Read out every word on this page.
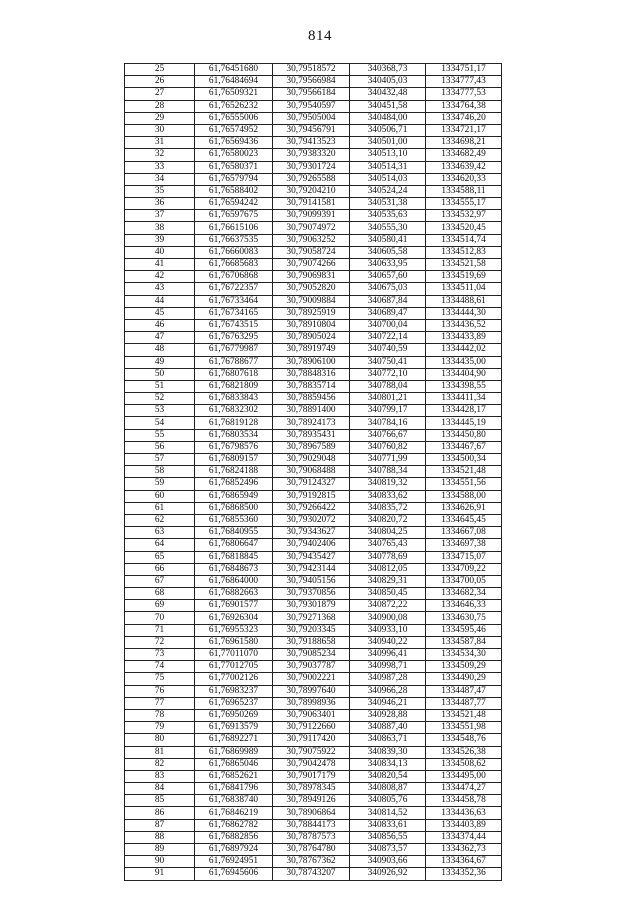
814
25	61,76451680	30,79518572	340368,73	1334751,17
26	61,76484694	30,79566984	340405,03	1334777,43
27	61,76509321	30,79566184	340432,48	1334777,53
28	61,76526232	30,79540597	340451,58	1334764,38
29	61,76555006	30,79505004	340484,00	1334746,20
30	61,76574952	30,79456791	340506,71	1334721,17
31	61,76569436	30,79413523	340501,00	1334698,21
32	61,76580023	30,79383320	340513,10	1334682,49
33	61,76580371	30,79301724	340514,31	1334639,42
34	61,76579794	30,79265588	340514,03	1334620,33
35	61,76588402	30,79204210	340524,24	1334588,11
36	61,76594242	30,79141581	340531,38	1334555,17
37	61,76597675	30,79099391	340535,63	1334532,97
38	61,76615106	30,79074972	340555,30	1334520,45
39	61,76637535	30,79063252	340580,41	1334514,74
40	61,76660083	30,79058724	340605,58	1334512,83
41	61,76685683	30,79074266	340633,95	1334521,58
42	61,76706868	30,79069831	340657,60	1334519,69
43	61,76722357	30,79052820	340675,03	1334511,04
44	61,76733464	30,79009884	340687,84	1334488,61
45	61,76734165	30,78925919	340689,47	1334444,30
46	61,76743515	30,78910804	340700,04	1334436,52
47	61,76763295	30,78905024	340722,14	1334433,89
48	61,76779987	30,78919749	340740,59	1334442,02
49	61,76788677	30,78906100	340750,41	1334435,00
50	61,76807618	30,78848316	340772,10	1334404,90
51	61,76821809	30,78835714	340788,04	1334398,55
52	61,76833843	30,78859456	340801,21	1334411,34
53	61,76832302	30,78891400	340799,17	1334428,17
54	61,76819128	30,78924173	340784,16	1334445,19
55	61,76803534	30,78935431	340766,67	1334450,80
56	61,76798576	30,78967589	340760,82	1334467,67
57	61,76809157	30,79029048	340771,99	1334500,34
58	61,76824188	30,79068488	340788,34	1334521,48
59	61,76852496	30,79124327	340819,32	1334551,56
60	61,76865949	30,79192815	340833,62	1334588,00
61	61,76868500	30,79266422	340835,72	1334626,91
62	61,76855360	30,79302072	340820,72	1334645,45
63	61,76840955	30,79343627	340804,25	1334667,08
64	61,76806647	30,79402406	340765,43	1334697,38
65	61,76818845	30,79435427	340778,69	1334715,07
66	61,76848673	30,79423144	340812,05	1334709,22
67	61,76864000	30,79405156	340829,31	1334700,05
68	61,76882663	30,79370856	340850,45	1334682,34
69	61,76901577	30,79301879	340872,22	1334646,33
70	61,76926304	30,79271368	340900,08	1334630,75
71	61,76955323	30,79203345	340933,10	1334595,46
72	61,76961580	30,79188658	340940,22	1334587,84
73	61,77011070	30,79085234	340996,41	1334534,30
74	61,77012705	30,79037787	340998,71	1334509,29
75	61,77002126	30,79002221	340987,28	1334490,29
76	61,76983237	30,78997640	340966,28	1334487,47
77	61,76965237	30,78998936	340946,21	1334487,77
78	61,76950269	30,79063401	340928,88	1334521,48
79	61,76913579	30,79122660	340887,40	1334551,98
80	61,76892271	30,79117420	340863,71	1334548,76
81	61,76869989	30,79075922	340839,30	1334526,38
82	61,76865046	30,79042478	340834,13	1334508,62
83	61,76852621	30,79017179	340820,54	1334495,00
84	61,76841796	30,78978345	340808,87	1334474,27
85	61,76838740	30,78949126	340805,76	1334458,78
86	61,76846219	30,78906864	340814,52	1334436,63
87	61,76862782	30,78844173	340833,61	1334403,89
88	61,76882856	30,78787573	340856,55	1334374,44
89	61,76897924	30,78764780	340873,57	1334362,73
90	61,76924951	30,78767362	340903,66	1334364,67
91	61,76945606	30,78743207	340926,92	1334352,36
